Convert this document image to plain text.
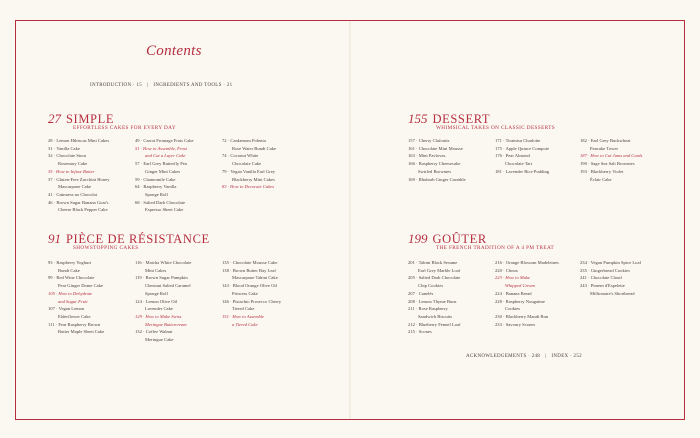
Contents
INTRODUCTION · 15 | INGREDIENTS AND TOOLS · 21
27 SIMPLE
EFFORTLESS CAKES FOR EVERY DAY
28 · Lemon Hibiscus Mini Cakes
31 · Vanilla Cake
32 · Chocolate Stout
Rosemary Cake
35 · How to Infuse Butter
37 · Gluten-Free Zucchini Honey
Mascarpone Cake
41 · Guinness no Chocolat
46 · Brown Sugar Banana Goat's
Cheese Black Pepper Cake
49 · Carrot Fromage Frais Cake
51 · How to Assemble, Frost
and Cut a Layer Cake
57 · Earl Grey Butterfly Pea
Ginger Mini Cakes
59 · Chamomile Cake
64 · Raspberry Vanilla
Sponge Roll
68 · Salted Dark Chocolate
Espresso Sheet Cake
72 · Cardamom Polenta
Rose Water Bundt Cake
74 · Coconut White
Chocolate Cake
79 · Vegan Vanilla Earl Grey
Blackberry Mini Cakes
83 · How to Decorate Cakes
155 DESSERT
WHIMSICAL TAKES ON CLASSIC DESSERTS
157 · Cherry Clafoutis
161 · Chocolate Mini Mousse
163 · Mini Pavlovas
166 · Raspberry Cheesecake
Swirled Brownies
169 · Rhubarb Ginger Crumble
171 · Tiramisu Charlotte
175 · Apple Quince Compote
176 · Pear Almond
Chocolate Tart
181 · Lavender Rice Pudding
182 · Earl Grey Buckwheat
Pancake Tower
187 · How to Cut Jams and Curds
190 · Sage Sea Salt Brownies
193 · Blackberry Violet
Éclair Cake
91 PIÈCE DE RÉSISTANCE
SHOWSTOPPING CAKES
93 · Raspberry Yoghurt
Bundt Cake
99 · Red Wine Chocolate
Pear Ginger Dome Cake
105 · How to Dehydrate
and Sugar Fruit
107 · Vegan Lemon
Elderflower Cake
111 · Fear Raspberry Brown
Butter Maple Sheet Cake
116 · Matcha White Chocolate
Mini Cakes
119 · Brown Sugar Pumpkin
Chestnut Salted Caramel
Sponge Roll
124 · Lemon Olive Oil
Lavender Cake
129 · How to Make Swiss
Meringue Buttercream
132 · Coffee Walnut
Meringue Cake
135 · Chocolate Mousse Cake
138 · Brown Butter Bay Leaf
Mascarpone Tahini Cake
143 · Blood Orange Olive Oil
Princess Cake
146 · Pistachio Prosecco Cherry
Tiered Cake
151 · How to Assemble
a Tiered Cake
199 GOÛTER
THE FRENCH TRADITION OF A 4 PM TREAT
201 · Tahini Black Sesame
Earl Grey Marble Loaf
205 · Salted Dark Chocolate
Chip Cookies
207 · Canelés
208 · Lemon Thyme Buns
211 · Rose Raspberry
Sandwich Biscuits
212 · Blueberry Fennel Loaf
215 · Scones
216 · Orange Blossom Madeleines
220 · Choux
223 · How to Make
Whipped Cream
224 · Banana Bread
228 · Raspberry Nougatine
Cookies
230 · Blackberry Mandi Bun
233 · Savoury Scones
234 · Vegan Pumpkin Spice Loaf
235 · Gingerbread Cookies
241 · Chocolate Cloud
243 · Piment d'Espelette
Millionaire's Shortbread
ACKNOWLEDGEMENTS · 248 | INDEX · 252
